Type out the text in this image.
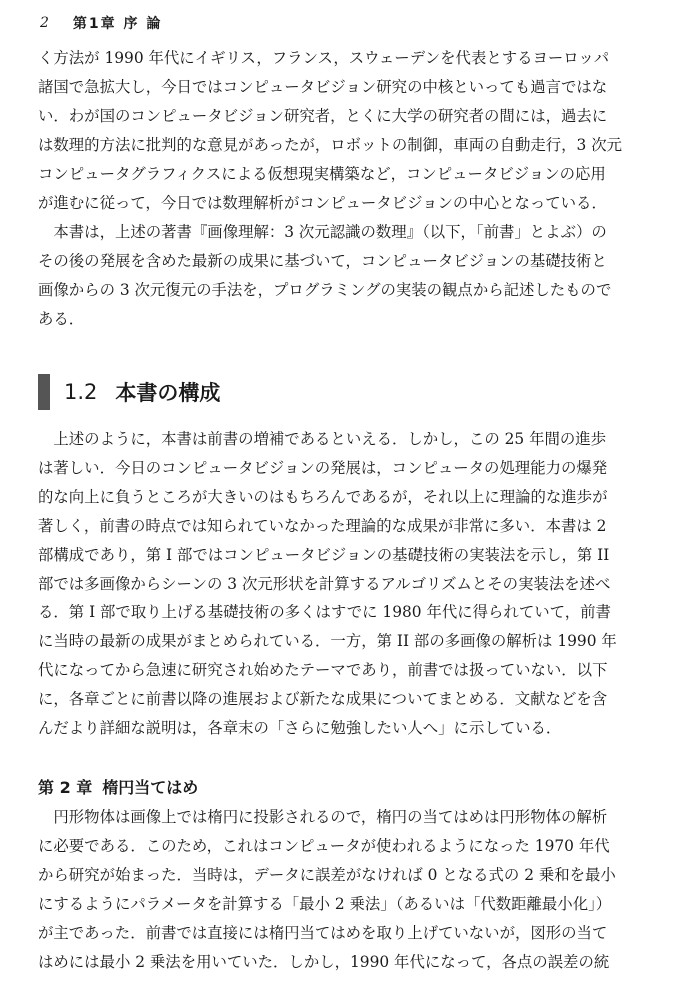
2 第1章 序 論

く方法が 1990 年代にイギリス，フランス，スウェーデンを代表とするヨーロッパ
諸国で急拡大し，今日ではコンピュータビジョン研究の中核といっても過言ではな
い．わが国のコンピュータビジョン研究者，とくに大学の研究者の間には，過去に
は数理的方法に批判的な意見があったが，ロボットの制御，車両の自動走行，3 次元
コンピュータグラフィクスによる仮想現実構築など，コンピュータビジョンの応用
が進むに従って，今日では数理解析がコンピュータビジョンの中心となっている．

本書は，上述の著書『画像理解：3 次元認識の数理』（以下，「前書」とよぶ）の
その後の発展を含めた最新の成果に基づいて，コンピュータビジョンの基礎技術と
画像からの 3 次元復元の手法を，プログラミングの実装の観点から記述したもので
ある．

1.2 本書の構成

上述のように，本書は前書の増補であるといえる．しかし，この 25 年間の進歩
は著しい．今日のコンピュータビジョンの発展は，コンピュータの処理能力の爆発
的な向上に負うところが大きいのはもちろんであるが，それ以上に理論的な進歩が
著しく，前書の時点では知られていなかった理論的な成果が非常に多い．本書は 2
部構成であり，第 I 部ではコンピュータビジョンの基礎技術の実装法を示し，第 II
部では多画像からシーンの 3 次元形状を計算するアルゴリズムとその実装法を述べ
る．第 I 部で取り上げる基礎技術の多くはすでに 1980 年代に得られていて，前書
に当時の最新の成果がまとめられている．一方，第 II 部の多画像の解析は 1990 年
代になってから急速に研究され始めたテーマであり，前書では扱っていない．以下
に，各章ごとに前書以降の進展および新たな成果についてまとめる．文献などを含
んだより詳細な説明は，各章末の「さらに勉強したい人へ」に示している．

第 2 章 楕円当てはめ

円形物体は画像上では楕円に投影されるので，楕円の当てはめは円形物体の解析
に必要である．このため，これはコンピュータが使われるようになった 1970 年代
から研究が始まった．当時は，データに誤差がなければ 0 となる式の 2 乗和を最小
にするようにパラメータを計算する「最小 2 乗法」（あるいは「代数距離最小化」）
が主であった．前書では直接には楕円当てはめを取り上げていないが，図形の当て
はめには最小 2 乗法を用いていた．しかし，1990 年代になって，各点の誤差の統
